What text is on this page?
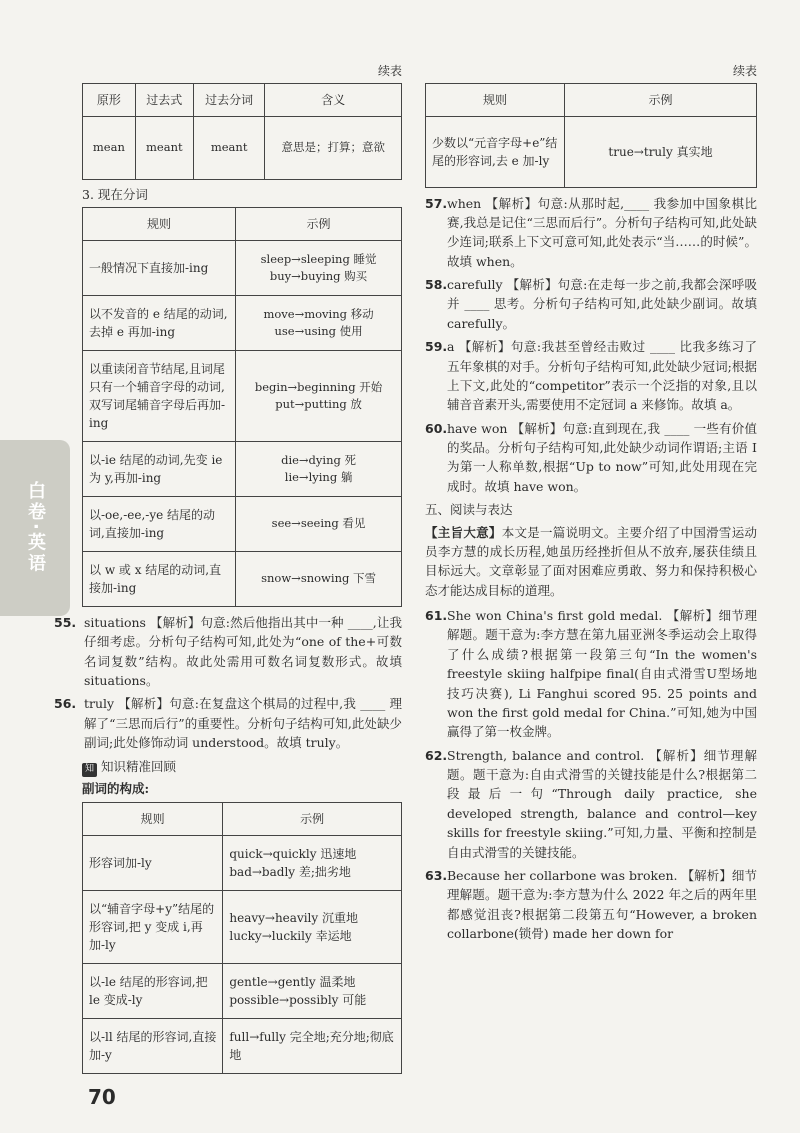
白卷·英语
续表
原形	过去式	过去分词	含义
mean	meant	meant	意思是；打算；意欲
3. 现在分词
规则	示例
一般情况下直接加-ing	sleep→sleeping 睡觉
buy→buying 购买

以不发音的 e 结尾的动词,去掉 e 再加-ing	move→moving 移动
use→using 使用

以重读闭音节结尾,且词尾只有一个辅音字母的动词,双写词尾辅音字母后再加-ing	begin→beginning 开始
put→putting 放

以-ie 结尾的动词,先变 ie 为 y,再加-ing	die→dying 死
lie→lying 躺

以-oe,-ee,-ye 结尾的动词,直接加-ing	see→seeing 看见

以 w 或 x 结尾的动词,直接加-ing	snow→snowing 下雪
55. situations 【解析】句意:然后他指出其中一种 ____,让我仔细考虑。分析句子结构可知,此处为“one of the+可数名词复数”结构。故此处需用可数名词复数形式。故填 situations。
56. truly 【解析】句意:在复盘这个棋局的过程中,我 ____ 理解了“三思而后行”的重要性。分析句子结构可知,此处缺少副词;此处修饰动词 understood。故填 truly。
知 知识精准回顾
副词的构成:
规则	示例
形容词加-ly	quick→quickly 迅速地
bad→badly 差;拙劣地

以“辅音字母+y”结尾的形容词,把 y 变成 i,再加-ly	heavy→heavily 沉重地
lucky→luckily 幸运地

以-le 结尾的形容词,把 le 变成-ly	gentle→gently 温柔地
possible→possibly 可能

以-ll 结尾的形容词,直接加-y	full→fully 完全地;充分地;彻底地
续表
规则	示例
少数以“元音字母+e”结尾的形容词,去 e 加-ly	true→truly 真实地
57. when 【解析】句意:从那时起,____ 我参加中国象棋比赛,我总是记住“三思而后行”。分析句子结构可知,此处缺少连词;联系上下文可意可知,此处表示“当……的时候”。故填 when。
58. carefully 【解析】句意:在走每一步之前,我都会深呼吸并 ____ 思考。分析句子结构可知,此处缺少副词。故填 carefully。
59. a 【解析】句意:我甚至曾经击败过 ____ 比我多练习了五年象棋的对手。分析句子结构可知,此处缺少冠词;根据上下文,此处的“competitor”表示一个泛指的对象,且以辅音音素开头,需要使用不定冠词 a 来修饰。故填 a。
60. have won 【解析】句意:直到现在,我 ____ 一些有价值的奖品。分析句子结构可知,此处缺少动词作谓语;主语 I 为第一人称单数,根据“Up to now”可知,此处用现在完成时。故填 have won。
五、阅读与表达
【主旨大意】本文是一篇说明文。主要介绍了中国滑雪运动员李方慧的成长历程,她虽历经挫折但从不放弃,屡获佳绩且目标远大。文章彰显了面对困难应勇敢、努力和保持积极心态才能达成目标的道理。
61. She won China's first gold medal. 【解析】细节理解题。题干意为:李方慧在第九届亚洲冬季运动会上取得了什么成绩?根据第一段第三句“In the women's freestyle skiing halfpipe final(自由式滑雪U型场地技巧决赛), Li Fanghui scored 95. 25 points and won the first gold medal for China.”可知,她为中国赢得了第一枚金牌。
62. Strength, balance and control. 【解析】细节理解题。题干意为:自由式滑雪的关键技能是什么?根据第二段最后一句“Through daily practice, she developed strength, balance and control—key skills for freestyle skiing.”可知,力量、平衡和控制是自由式滑雪的关键技能。
63. Because her collarbone was broken. 【解析】细节理解题。题干意为:李方慧为什么 2022 年之后的两年里都感觉沮丧?根据第二段第五句“However, a broken collarbone(锁骨) made her down for
70
